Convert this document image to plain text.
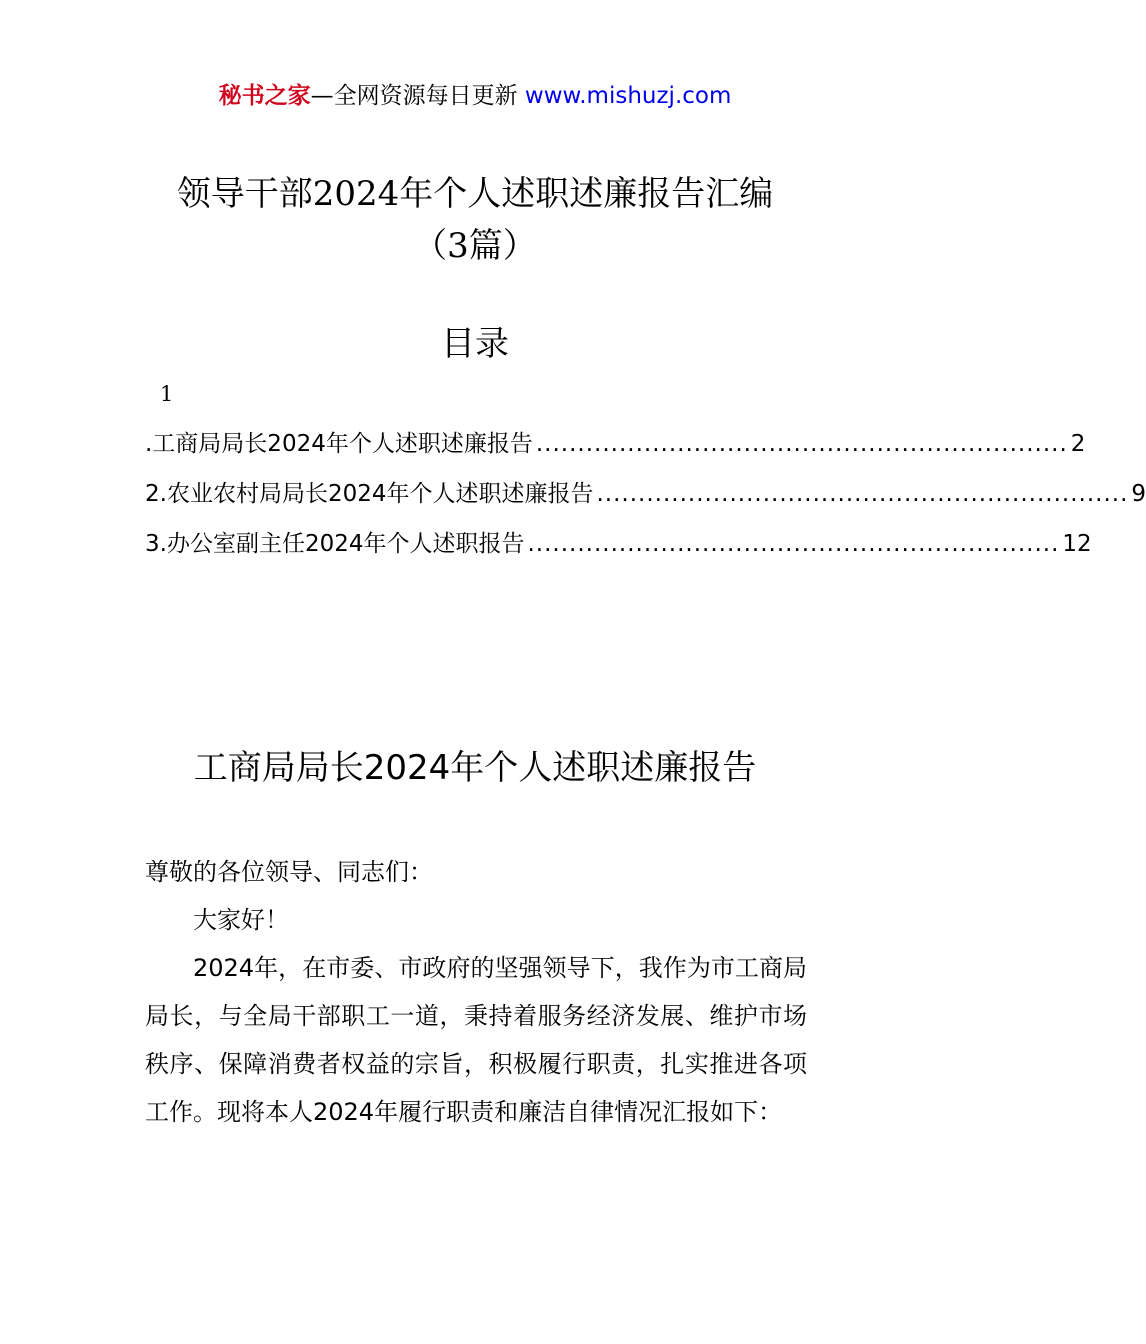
秘书之家—全网资源每日更新 www.mishuzj.com
领导干部2024年个人述职述廉报告汇编
（3篇）
目录
1
.工商局局长2024年个人述职述廉报告 ................................................................ 2
2.农业农村局局长2024年个人述职述廉报告 ................................................................ 9
3.办公室副主任2024年个人述职报告 ................................................................ 12
工商局局长2024年个人述职述廉报告
尊敬的各位领导、同志们：
大家好！
2024年，在市委、市政府的坚强领导下，我作为市工商局局长，与全局干部职工一道，秉持着服务经济发展、维护市场秩序、保障消费者权益的宗旨，积极履行职责，扎实推进各项工作。现将本人2024年履行职责和廉洁自律情况汇报如下：
